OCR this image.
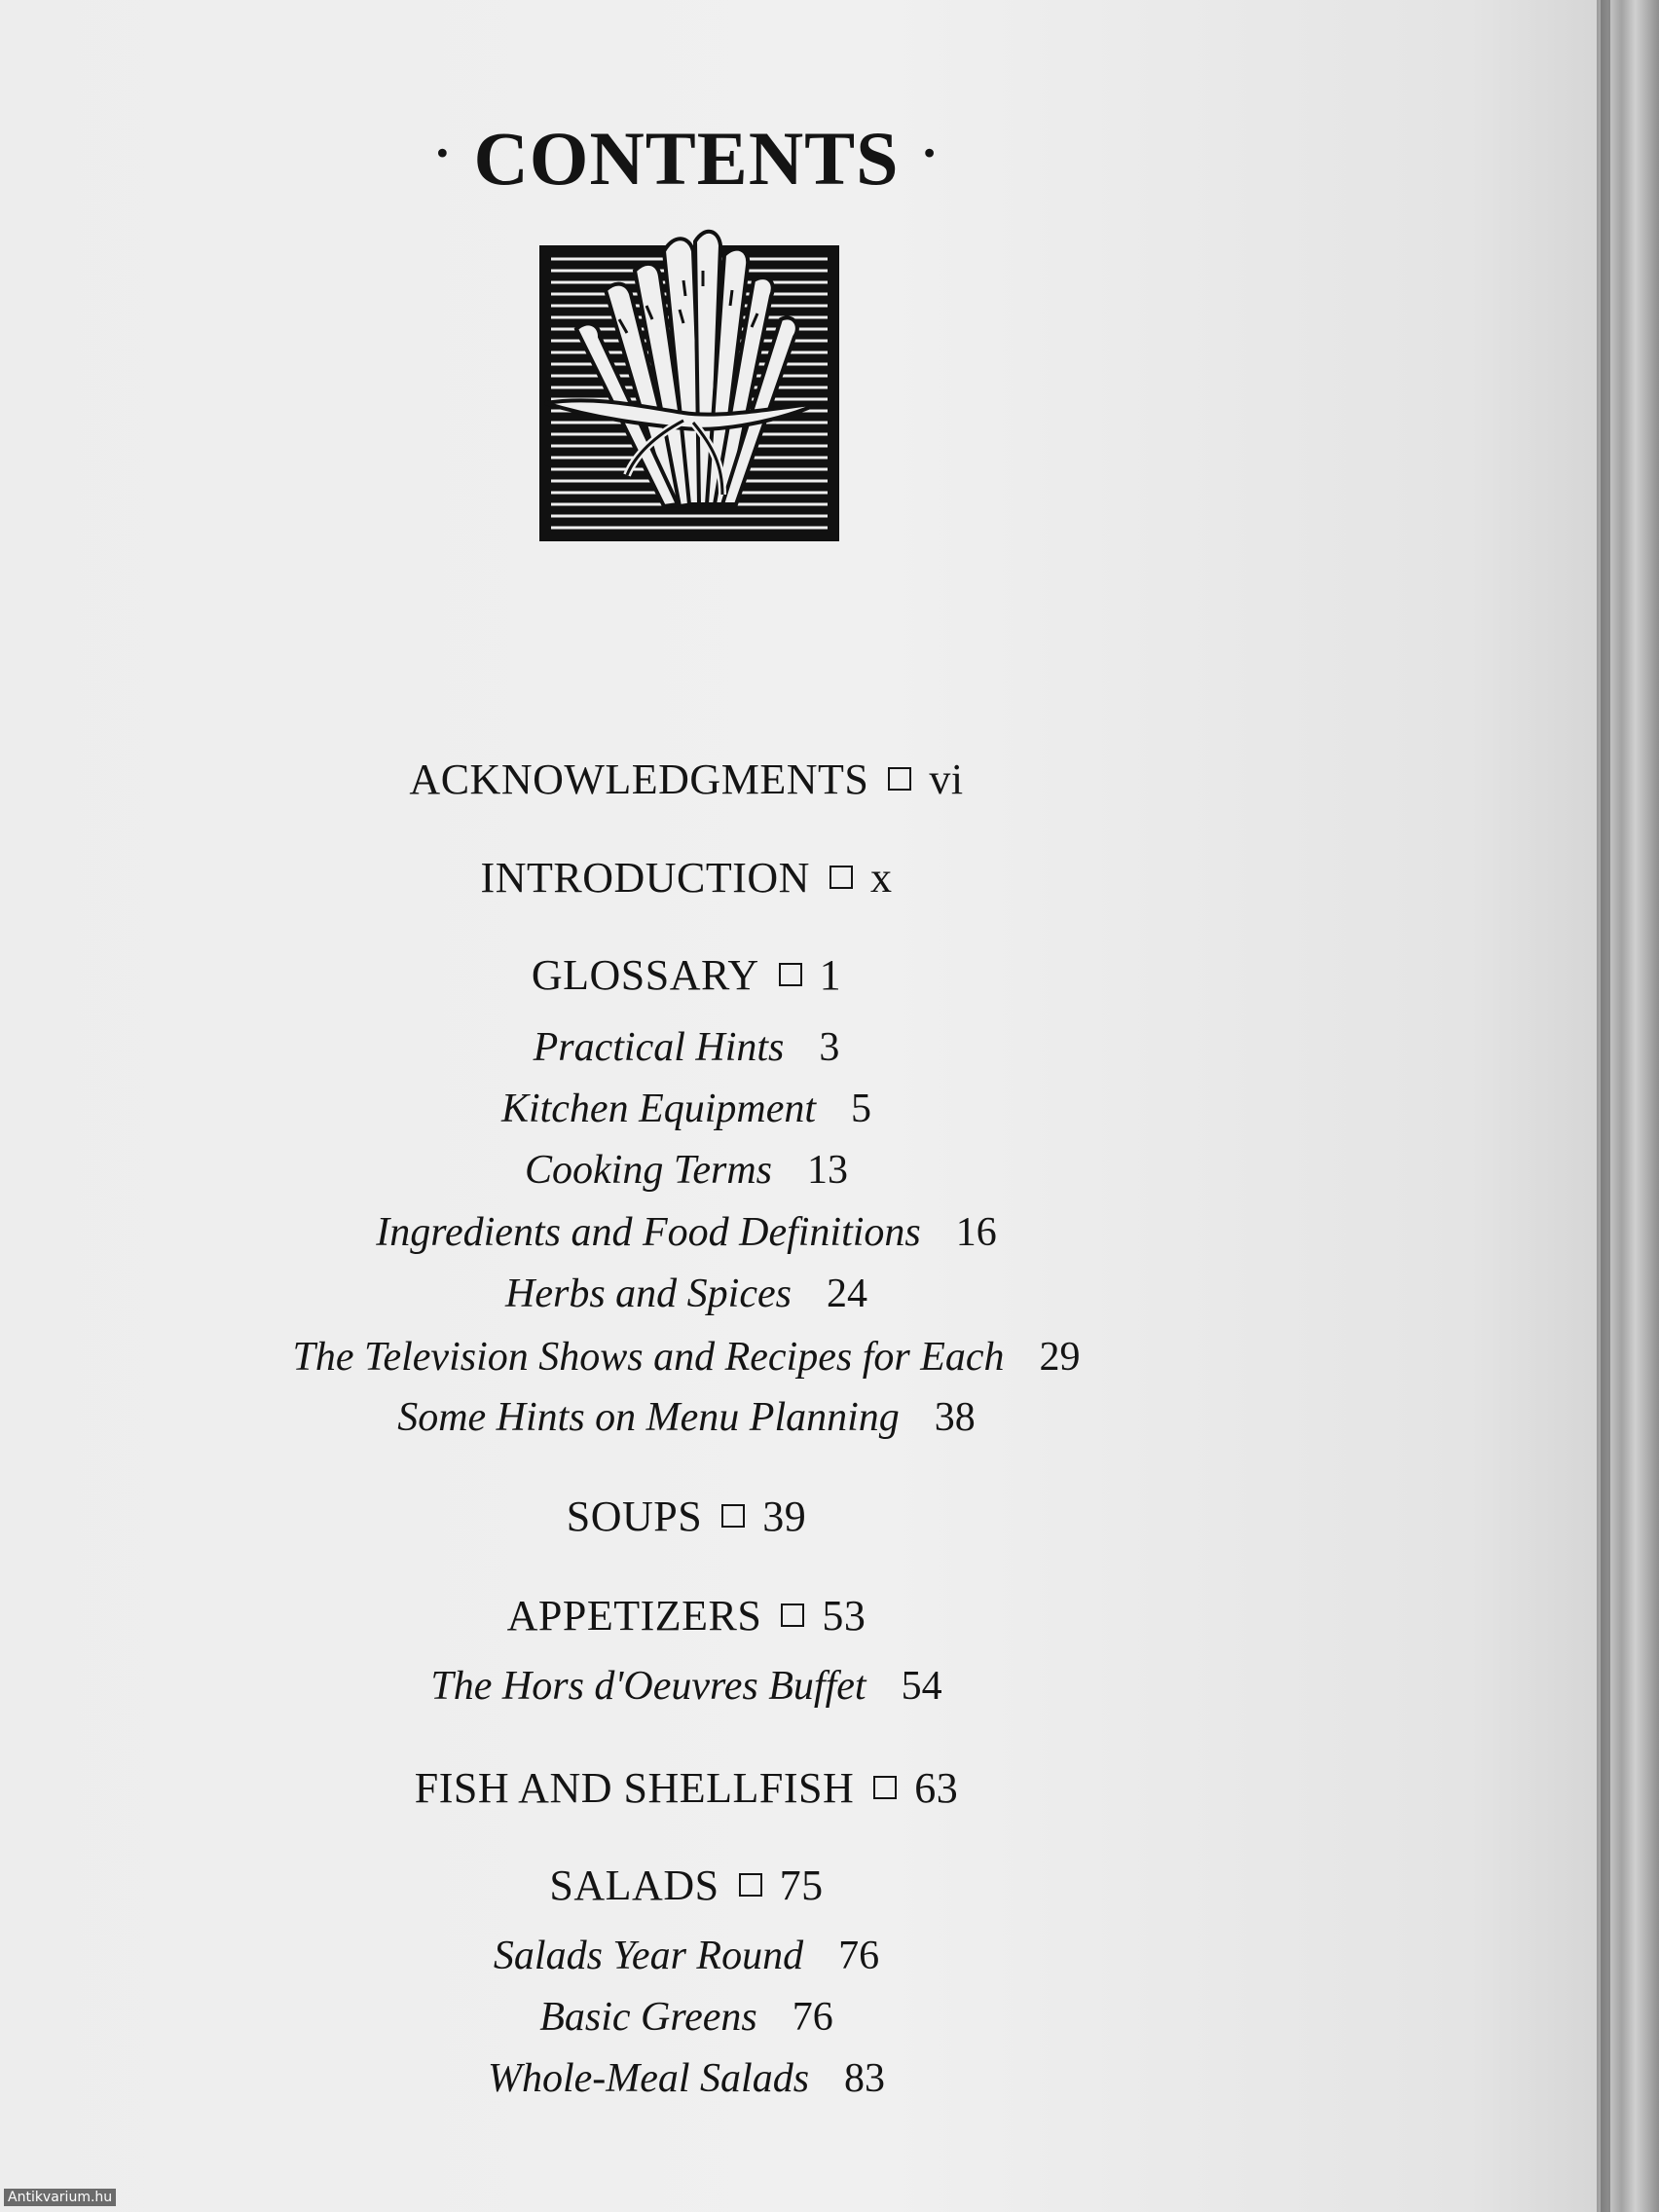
· CONTENTS ·
ACKNOWLEDGMENTS vi
INTRODUCTION x
GLOSSARY 1
Practical Hints 3
Kitchen Equipment 5
Cooking Terms 13
Ingredients and Food Definitions 16
Herbs and Spices 24
The Television Shows and Recipes for Each 29
Some Hints on Menu Planning 38
SOUPS 39
APPETIZERS 53
The Hors d'Oeuvres Buffet 54
FISH AND SHELLFISH 63
SALADS 75
Salads Year Round 76
Basic Greens 76
Whole-Meal Salads 83
Antikvarium.hu
